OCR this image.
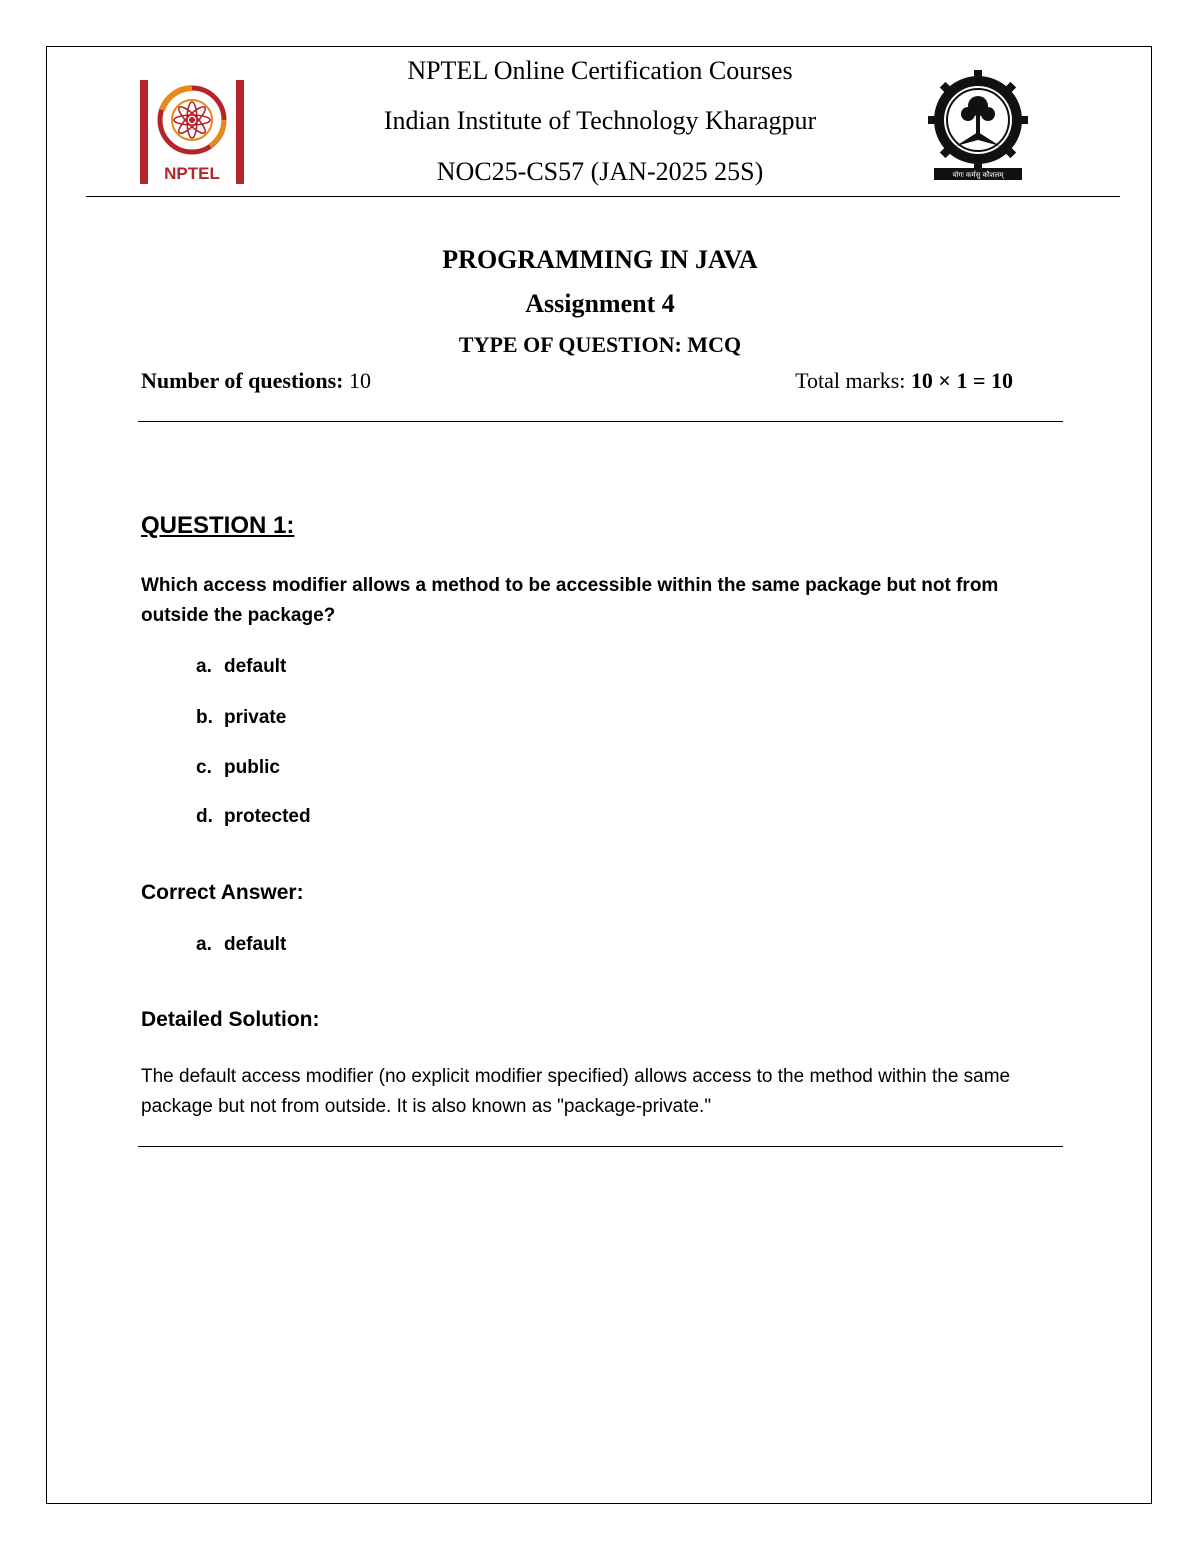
NPTEL	योगः कर्मसु कौशलम्
NPTEL Online Certification Courses
Indian Institute of Technology Kharagpur
NOC25-CS57 (JAN-2025 25S)
PROGRAMMING IN JAVA
Assignment 4
TYPE OF QUESTION: MCQ
Number of questions: 10	Total marks: 10 × 1 = 10
QUESTION 1:
Which access modifier allows a method to be accessible within the same package but not from outside the package?
a. default
b. private
c. public
d. protected
Correct Answer:
a. default
Detailed Solution:
The default access modifier (no explicit modifier specified) allows access to the method within the same package but not from outside. It is also known as "package-private."
